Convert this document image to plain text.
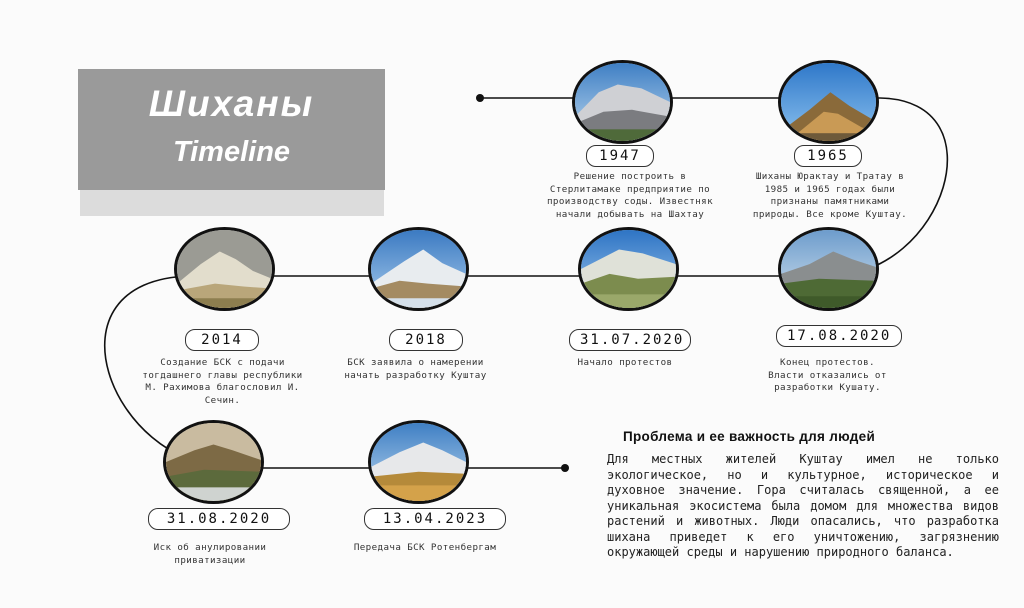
Шиханы
Timeline	1947
Решение построить в
Стерлитамаке предприятие по
производству соды. Известняк
начали добывать на Шахтау
1965
Шиханы Юрактау и Тратау в
1985 и 1965 годах были
признаны памятниками
природы. Все кроме Куштау.
2014
Создание БСК с подачи
тогдашнего главы республики
М. Рахимова благословил И.
Сечин.
2018
БСК заявила о намерении
начать разработку Куштау
31.07.2020
Начало протестов
17.08.2020
Конец протестов.
Власти отказались от
разработки Кушату.
31.08.2020
Иск об анулировании
приватизации
13.04.2023
Передача БСК Ротенбергам
Проблема и ее важность для людей
Для местных жителей Куштау имел не только экологическое, но и культурное, историческое и духовное значение. Гора считалась священной, а ее уникальная экосистема была домом для множества видов растений и животных. Люди опасались, что разработка шихана приведет к его уничтожению, загрязнению окружающей среды и нарушению природного баланса.
